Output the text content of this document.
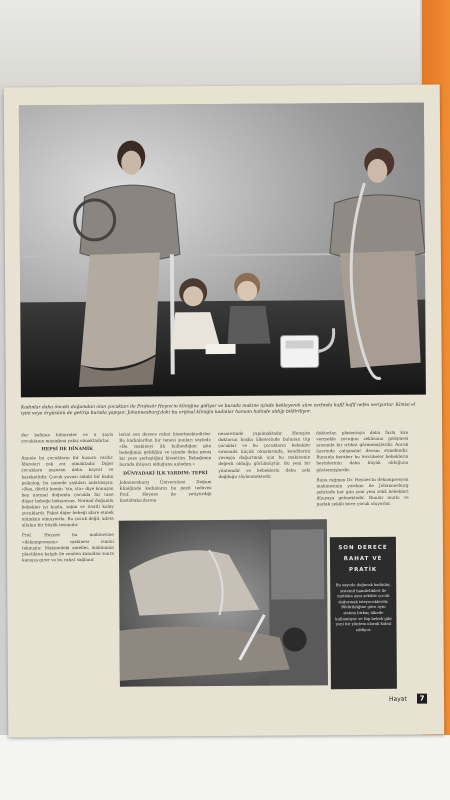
Kadınlar daha önceki doğumdan olan çocukları ile Profesör Heyns'in kliniğine gidiyor ve burada makine içinde bekleyerek süre zarfında hafif hafif nefes veriyorlar. Kimisi el işini veya örgüsünü de getirip burada yapıyor. Johannesburg'daki bu orijinal kliniğin kadınlar hamam halinde aldığı bildiriliyor.
der kafaine biliniroler ve a şayia çocuklanın manağına yakış olmaktadırlar.
HEPSİ DE DİNAMİK
Annele bu çocukların bir kusuru vardır. İdareleri çok zor olmaktadır. Diğer çocuklara nazaran daha hayrat ve hareketlidir. Çocuk yuvası sahibi bir kadın psikolog, bu inmede yaşlıları anlatmayın: «Ben, dörtlü hemîn ʼsta, sta» diye konuşan beş normal doğumlu çocukla bir tane düşer bebeğe bakıyorum. Normal doğumlu bebekler iyi huylu, sakin ve itaatli kolay çocuklardı. Fakat diğer bebeği idare etmek mümkün olmuyordu. Bu çocuk değil, adeta allahın bir böyük insanıdır.
Prof. Heynes bu makinesine «dekompresyon» makinesi ismini takmıştır. Makinedeki ameller, makinanin plastikten kalıplı ile zenilen kalından sonra kansıza girer ve bu rahat sağlanır.
lerini son derece rahat hissetmektedirler. Bu kadınlardan bir tanesi şunları söyledi: «Bu makineyi ilk kullandığım gün bebeğimin geldiğini ve içimde daha geniş bir yere yerleştiğini hissettim. Bebeğimin burada ihtiyacı olduğunu anladım.»
DÜNYADAKİ İLK YARDIM: TEPKİ
Johannesburg Üniversitesi Doğum Kliniğinde kadınların bu geçit tedavisi Prof. Heynes ile yetiştirdiği hastabakıcılarına
nezaretinde yapılmaktadır. Hemşire doktorun başka ülkelerinde bulunan tüp çocuklar ve bu çocukların bebekler sırasında küçük olmalarında, kendilerini yavaşça doğurtmak için bu makinenin değerli olduğu görülmüştür. Bu yeni bir yöntemdir ve bebeklerin daha zeki doğduğu söylenmektedir.
doktorlar, plasentaya daha fazla kan vermekle çocuğun zekâsının gelişmesi arasında bir irtibat görmemişlerdir. Ancak üzerinde çalışmalar devam etmektedir. Bununla beraber bu tecrübeler bebeklerin beyinlerinin daha büyük olduğunu göstermişlerdir.
Buna rağmen Dr. Heynes'in dekompresyon makinesinin yardımı ile Johannesburg şehrinde her gün yeni yeni zekâ bebekleri dünyaya gelmektedir. Bunlar mutlu ve parlak zekâlı birer çocuk oluyorlar.
SON DERECE
RAHAT VE
PRATİK
Bu sayede doğacak kadınlar, sistemli hamilelikleri ile mutlaka aynı şekilde çocuk doğurmak isteyeceklerdir. Bildirildiğine göre aynı sistem birkaç ülkede kullanılıyor ve tüp bebek gibi yeni bir yöntem olarak kabul ediliyor.
Hayat	7
